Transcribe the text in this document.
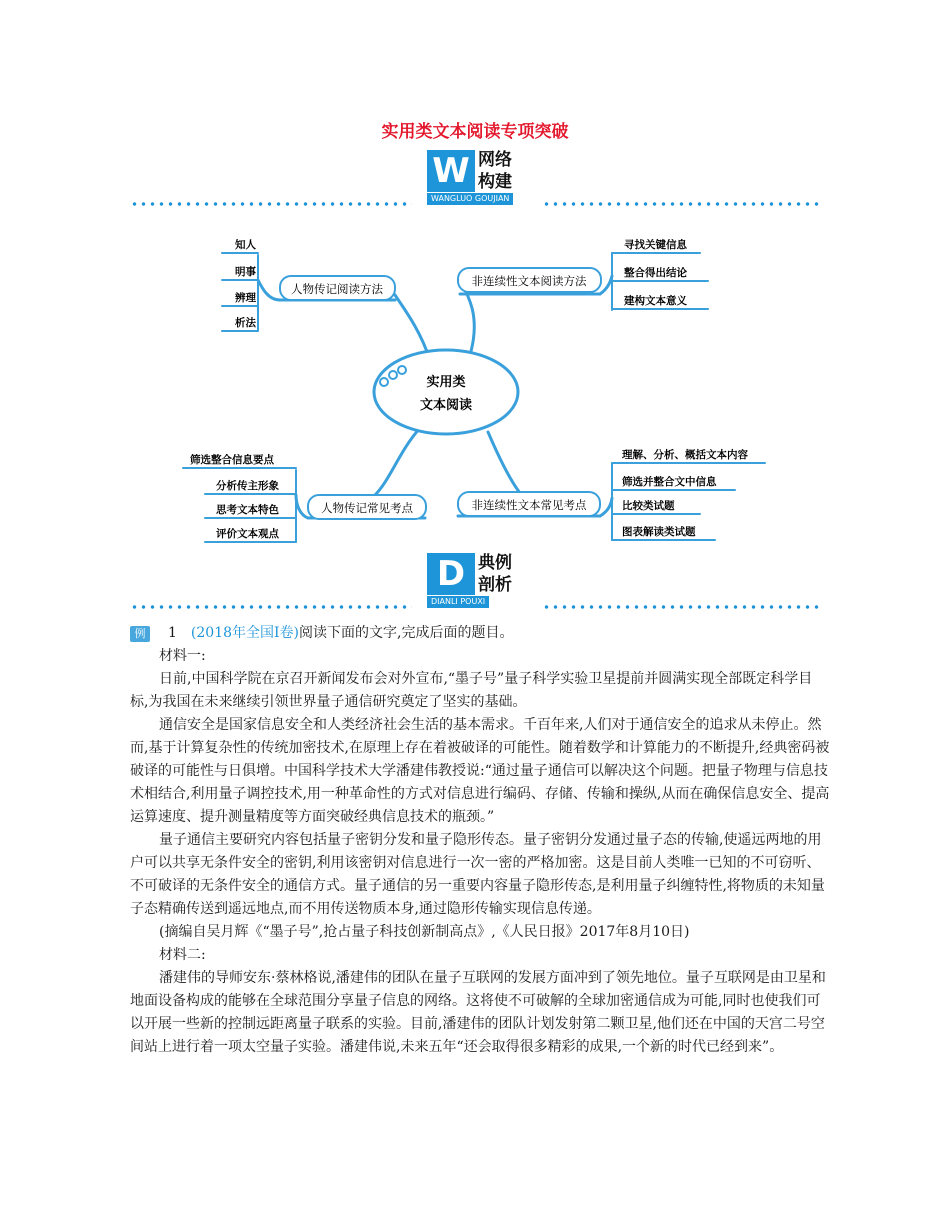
实用类文本阅读专项突破
W 网络
构建
WANGLUO GOUJIAN
实用类
文本阅读
人物传记阅读方法
非连续性文本阅读方法
人物传记常见考点	非连续性文本常见考点
知人
明事
辨理
析法
寻找关键信息
整合得出结论
建构文本意义
筛选整合信息要点
分析传主形象
思考文本特色
评价文本观点
理解、分析、概括文本内容
筛选并整合文中信息
比较类试题
图表解读类试题
D 典例
剖析
DIANLI POUXI
例	1 (2018年全国Ⅰ卷) 阅读下面的文字,完成后面的题目。

材料一:

日前,中国科学院在京召开新闻发布会对外宣布,“墨子号”量子科学实验卫星提前并圆满实现全部既定科学目标,为我国在未来继续引领世界量子通信研究奠定了坚实的基础。

通信安全是国家信息安全和人类经济社会生活的基本需求。千百年来,人们对于通信安全的追求从未停止。然而,基于计算复杂性的传统加密技术,在原理上存在着被破译的可能性。随着数学和计算能力的不断提升,经典密码被破译的可能性与日俱增。中国科学技术大学潘建伟教授说:“通过量子通信可以解决这个问题。把量子物理与信息技术相结合,利用量子调控技术,用一种革命性的方式对信息进行编码、存储、传输和操纵,从而在确保信息安全、提高运算速度、提升测量精度等方面突破经典信息技术的瓶颈。”

量子通信主要研究内容包括量子密钥分发和量子隐形传态。量子密钥分发通过量子态的传输,使遥远两地的用户可以共享无条件安全的密钥,利用该密钥对信息进行一次一密的严格加密。这是目前人类唯一已知的不可窃听、不可破译的无条件安全的通信方式。量子通信的另一重要内容量子隐形传态,是利用量子纠缠特性,将物质的未知量子态精确传送到遥远地点,而不用传送物质本身,通过隐形传输实现信息传递。

(摘编自吴月辉《“墨子号”,抢占量子科技创新制高点》,《人民日报》2017年8月10日)

材料二:

潘建伟的导师安东·蔡林格说,潘建伟的团队在量子互联网的发展方面冲到了领先地位。量子互联网是由卫星和地面设备构成的能够在全球范围分享量子信息的网络。这将使不可破解的全球加密通信成为可能,同时也使我们可以开展一些新的控制远距离量子联系的实验。目前,潘建伟的团队计划发射第二颗卫星,他们还在中国的天宫二号空间站上进行着一项太空量子实验。潘建伟说,未来五年“还会取得很多精彩的成果,一个新的时代已经到来”。
